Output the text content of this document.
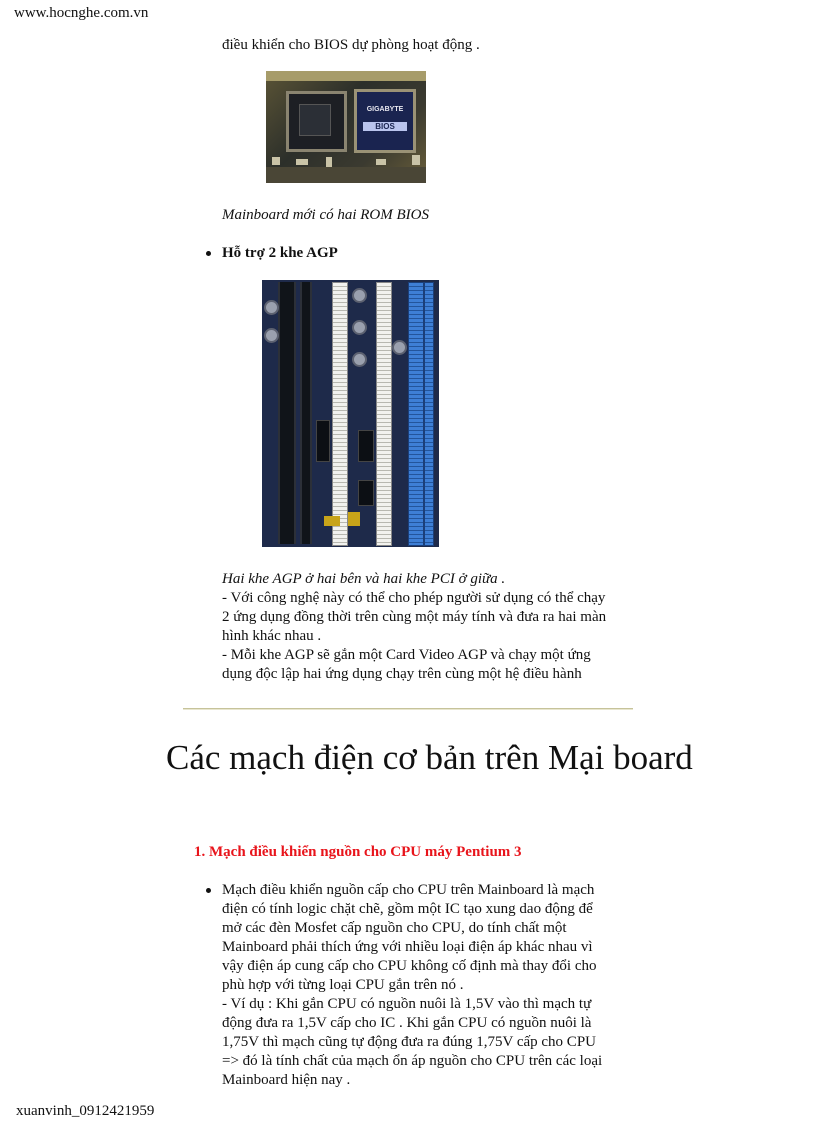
www.hocnghe.com.vn
điều khiển cho BIOS dự phòng hoạt động .
GIGABYTE
BIOS
Mainboard mới có hai ROM BIOS
Hỗ trợ 2 khe AGP
Hai khe AGP ở hai bên và hai khe PCI ở giữa .
- Với công nghệ này có thể cho phép người sử dụng có thể chạy
2 ứng dụng đồng thời trên cùng một máy tính và đưa ra hai màn
hình khác nhau .
- Mỗi khe AGP sẽ gắn một Card Video AGP và chạy một ứng
dụng độc lập hai ứng dụng chạy trên cùng một hệ điều hành
Các mạch điện cơ bản trên Mại board
1. Mạch điều khiển nguồn cho CPU máy Pentium 3
Mạch điều khiển nguồn cấp cho CPU trên Mainboard là mạch
điện có tính logic chặt chẽ, gồm một IC tạo xung dao động để
mở các đèn Mosfet cấp nguồn cho CPU, do tính chất một
Mainboard phải thích ứng với nhiều loại điện áp khác nhau vì
vậy điện áp cung cấp cho CPU không cố định mà thay đổi cho
phù hợp với từng loại CPU gắn trên nó .
- Ví dụ : Khi gắn CPU có nguồn nuôi là 1,5V vào thì mạch tự
động đưa ra 1,5V cấp cho IC . Khi gắn CPU có nguồn nuôi là
1,75V thì mạch cũng tự động đưa ra đúng 1,75V cấp cho CPU
=> đó là tính chất của mạch ổn áp nguồn cho CPU trên các loại
Mainboard hiện nay .
xuanvinh_0912421959
